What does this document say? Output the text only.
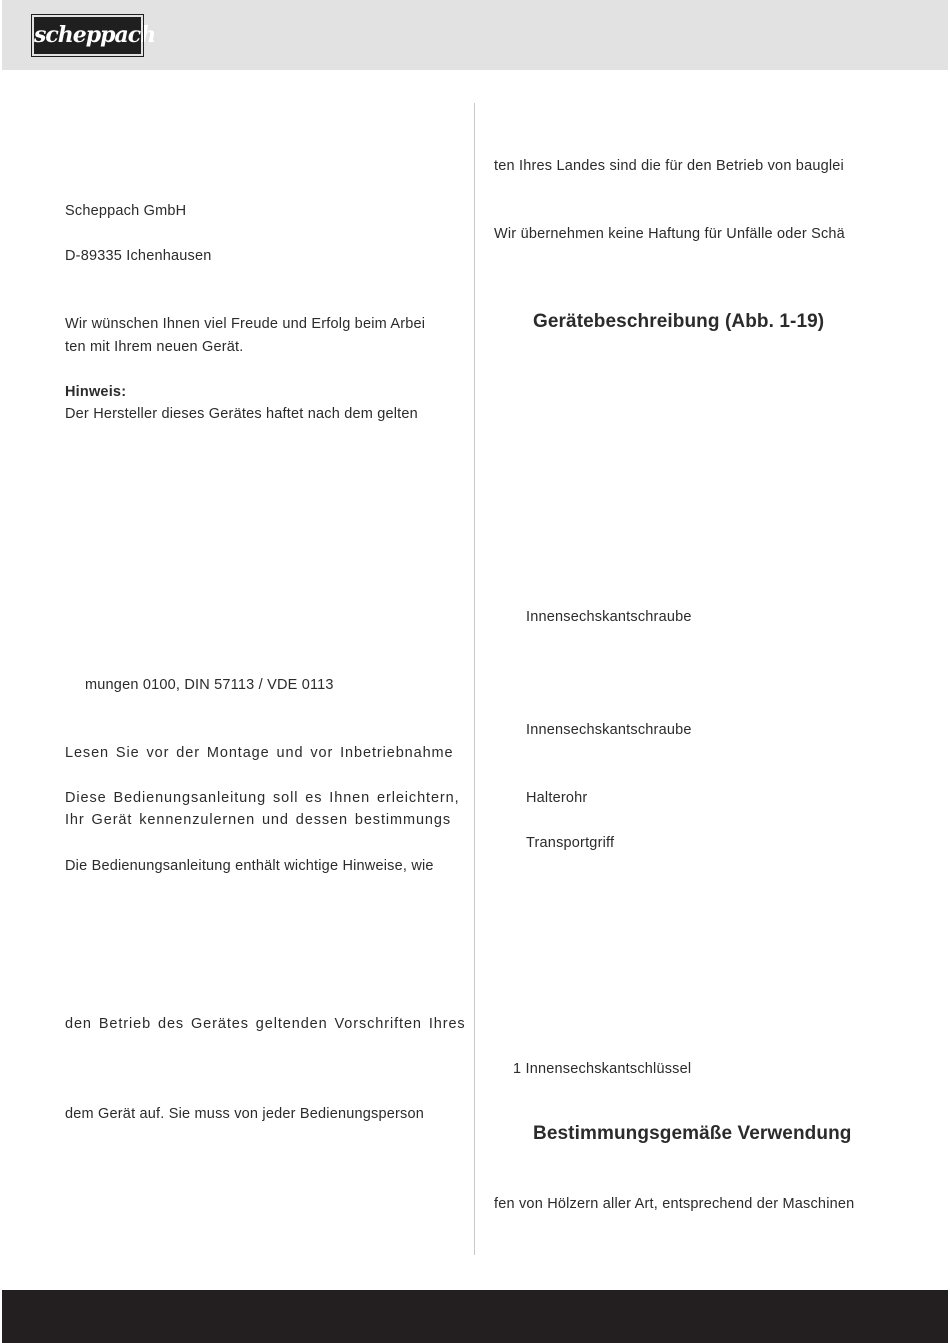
scheppach
Scheppach GmbH
D-89335 Ichenhausen
Wir wünschen Ihnen viel Freude und Erfolg beim Arbei
ten mit Ihrem neuen Gerät.
Hinweis:
Der Hersteller dieses Gerätes haftet nach dem gelten
mungen 0100, DIN 57113 / VDE 0113
Lesen Sie vor der Montage und vor Inbetriebnahme
Diese Bedienungsanleitung soll es Ihnen erleichtern,
Ihr Gerät kennenzulernen und dessen bestimmungs
Die Bedienungsanleitung enthält wichtige Hinweise, wie
den Betrieb des Gerätes geltenden Vorschriften Ihres
dem Gerät auf. Sie muss von jeder Bedienungsperson
ten Ihres Landes sind die für den Betrieb von bauglei
Wir übernehmen keine Haftung für Unfälle oder Schä
Gerätebeschreibung (Abb. 1-19)
Innensechskantschraube
Innensechskantschraube
Halterohr
Transportgriff
1 Innensechskantschlüssel
Bestimmungsgemäße Verwendung
fen von Hölzern aller Art, entsprechend der Maschinen
